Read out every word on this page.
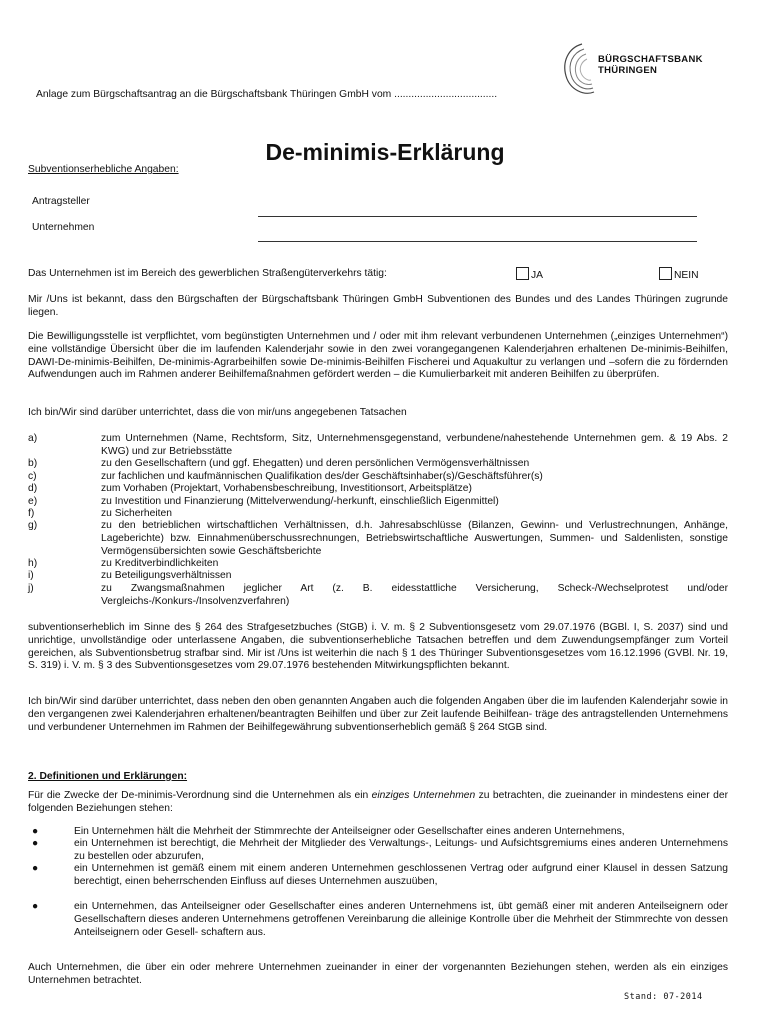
BÜRGSCHAFTSBANK
THÜRINGEN
Anlage zum Bürgschaftsantrag an die Bürgschaftsbank Thüringen GmbH vom ....................................
De-minimis-Erklärung
Subventionserhebliche Angaben:
Antragsteller
Unternehmen
Das Unternehmen ist im Bereich des gewerblichen Straßengüterverkehrs tätig:	JA	NEIN
Mir /Uns ist bekannt, dass den Bürgschaften der Bürgschaftsbank Thüringen GmbH Subventionen des Bundes und des Landes Thüringen zugrunde liegen.
Die Bewilligungsstelle ist verpflichtet, vom begünstigten Unternehmen und / oder mit ihm relevant verbundenen Unternehmen („einziges Unternehmen“) eine vollständige Übersicht über die im laufenden Kalenderjahr sowie in den zwei vorangegangenen Kalenderjahren erhaltenen De-minimis-Beihilfen, DAWI-De-minimis-Beihilfen, De-minimis-Agrarbeihilfen sowie De-minimis-Beihilfen Fischerei und Aquakultur zu verlangen und –sofern die zu fördernden Aufwendungen auch im Rahmen anderer Beihilfemaßnahmen gefördert werden – die Kumulierbarkeit mit anderen Beihilfen zu überprüfen.
Ich bin/Wir sind darüber unterrichtet, dass die von mir/uns angegebenen Tatsachen
a)	zum Unternehmen (Name, Rechtsform, Sitz, Unternehmensgegenstand, verbundene/nahestehende Unternehmen gem. & 19 Abs. 2 KWG) und zur Betriebsstätte
b)	zu den Gesellschaftern (und ggf. Ehegatten) und deren persönlichen Vermögensverhältnissen
c)	zur fachlichen und kaufmännischen Qualifikation des/der Geschäftsinhaber(s)/Geschäftsführer(s)
d)	zum Vorhaben (Projektart, Vorhabensbeschreibung, Investitionsort, Arbeitsplätze)
e)	zu Investition und Finanzierung (Mittelverwendung/-herkunft, einschließlich Eigenmittel)
f)	zu Sicherheiten
g)	zu den betrieblichen wirtschaftlichen Verhältnissen, d.h. Jahresabschlüsse (Bilanzen, Gewinn- und Verlustrechnungen, Anhänge, Lageberichte) bzw. Einnahmenüberschussrechnungen, Betriebswirtschaftliche Auswertungen, Summen- und Saldenlisten, sonstige Vermögensübersichten sowie Geschäftsberichte
h)	zu Kreditverbindlichkeiten
i)	zu Beteiligungsverhältnissen
j)	zu Zwangsmaßnahmen jeglicher Art (z. B. eidesstattliche Versicherung, Scheck-/Wechselprotest und/oder Vergleichs-/Konkurs-/Insolvenzverfahren)
subventionserheblich im Sinne des § 264 des Strafgesetzbuches (StGB) i. V. m. § 2 Subventionsgesetz vom 29.07.1976 (BGBl. I, S. 2037) sind und unrichtige, unvollständige oder unterlassene Angaben, die subventionserhebliche Tatsachen betreffen und dem Zuwendungsempfänger zum Vorteil gereichen, als Subventionsbetrug strafbar sind. Mir ist /Uns ist weiterhin die nach § 1 des Thüringer Subventionsgesetzes vom 16.12.1996 (GVBl. Nr. 19, S. 319) i. V. m. § 3 des Subventionsgesetzes vom 29.07.1976 bestehenden Mitwirkungspflichten bekannt.
Ich bin/Wir sind darüber unterrichtet, dass neben den oben genannten Angaben auch die folgenden Angaben über die im laufenden Kalenderjahr sowie in den vergangenen zwei Kalenderjahren erhaltenen/beantragten Beihilfen und über zur Zeit laufende Beihilfean- träge des antragstellenden Unternehmens und verbundener Unternehmen im Rahmen der Beihilfegewährung subventionserheblich gemäß § 264 StGB sind.
2. Definitionen und Erklärungen:
Für die Zwecke der De-minimis-Verordnung sind die Unternehmen als ein einziges Unternehmen zu betrachten, die zueinander in mindestens einer der folgenden Beziehungen stehen:
●	Ein Unternehmen hält die Mehrheit der Stimmrechte der Anteilseigner oder Gesellschafter eines anderen Unternehmens,
●	ein Unternehmen ist berechtigt, die Mehrheit der Mitglieder des Verwaltungs-, Leitungs- und Aufsichtsgremiums eines anderen Unternehmens zu bestellen oder abzurufen,
●	ein Unternehmen ist gemäß einem mit einem anderen Unternehmen geschlossenen Vertrag oder aufgrund einer Klausel in dessen Satzung berechtigt, einen beherrschenden Einfluss auf dieses Unternehmen auszuüben,
●	ein Unternehmen, das Anteilseigner oder Gesellschafter eines anderen Unternehmens ist, übt gemäß einer mit anderen Anteilseignern oder Gesellschaftern dieses anderen Unternehmens getroffenen Vereinbarung die alleinige Kontrolle über die Mehrheit der Stimmrechte von dessen Anteilseignern oder Gesell- schaftern aus.
Auch Unternehmen, die über ein oder mehrere Unternehmen zueinander in einer der vorgenannten Beziehungen stehen, werden als ein einziges Unternehmen betrachtet.
Stand: 07-2014
